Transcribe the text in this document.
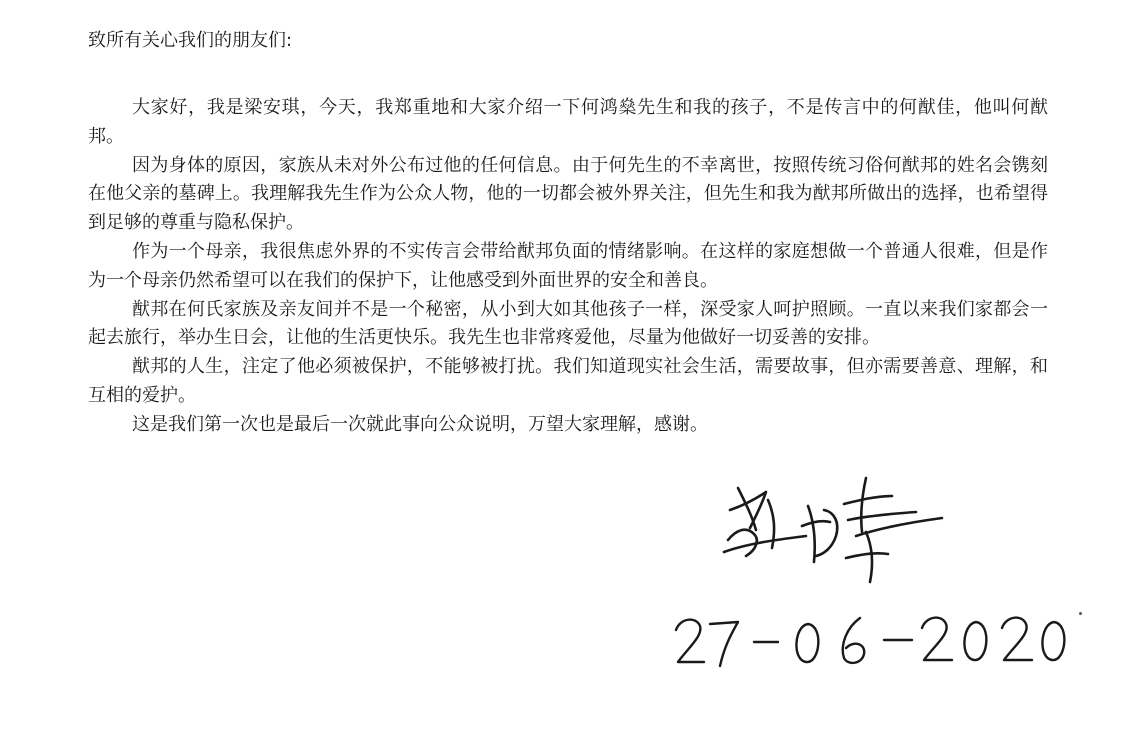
致所有关心我们的朋友们:

大家好，我是梁安琪，今天，我郑重地和大家介绍一下何鸿燊先生和我的孩子，不是传言中的何猷佳，他叫何猷邦。

因为身体的原因，家族从未对外公布过他的任何信息。由于何先生的不幸离世，按照传统习俗何猷邦的姓名会镌刻在他父亲的墓碑上。我理解我先生作为公众人物，他的一切都会被外界关注，但先生和我为猷邦所做出的选择，也希望得到足够的尊重与隐私保护。

作为一个母亲，我很焦虑外界的不实传言会带给猷邦负面的情绪影响。在这样的家庭想做一个普通人很难，但是作为一个母亲仍然希望可以在我们的保护下，让他感受到外面世界的安全和善良。

猷邦在何氏家族及亲友间并不是一个秘密，从小到大如其他孩子一样，深受家人呵护照顾。一直以来我们家都会一起去旅行，举办生日会，让他的生活更快乐。我先生也非常疼爱他，尽量为他做好一切妥善的安排。

猷邦的人生，注定了他必须被保护，不能够被打扰。我们知道现实社会生活，需要故事，但亦需要善意、理解，和互相的爱护。

这是我们第一次也是最后一次就此事向公众说明，万望大家理解，感谢。
